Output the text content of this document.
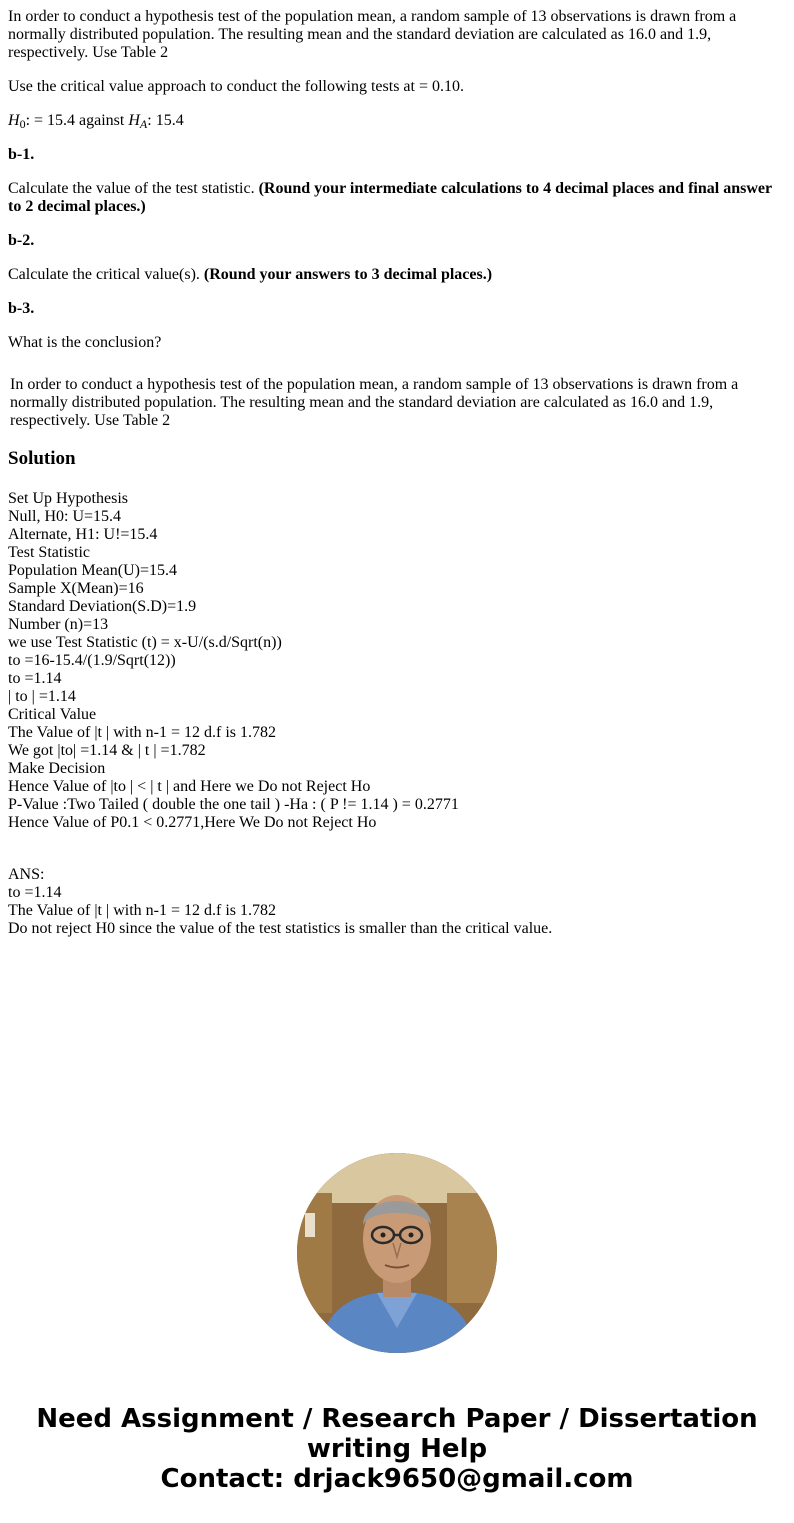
In order to conduct a hypothesis test of the population mean, a random sample of 13 observations is drawn from a normally distributed population. The resulting mean and the standard deviation are calculated as 16.0 and 1.9, respectively. Use Table 2

Use the critical value approach to conduct the following tests at = 0.10.

$H_0$: = 15.4 against $H_A$: 15.4

b-1.

Calculate the value of the test statistic. (Round your intermediate calculations to 4 decimal places and final answer to 2 decimal places.)

b-2.

Calculate the critical value(s). (Round your answers to 3 decimal places.)

b-3.

What is the conclusion?

In order to conduct a hypothesis test of the population mean, a random sample of 13 observations is drawn from a normally distributed population. The resulting mean and the standard deviation are calculated as 16.0 and 1.9, respectively. Use Table 2
Solution
Set Up Hypothesis
Null, H0: U=15.4
Alternate, H1: U!=15.4
Test Statistic
Population Mean(U)=15.4
Sample X(Mean)=16
Standard Deviation(S.D)=1.9
Number (n)=13
we use Test Statistic (t) = x-U/(s.d/Sqrt(n))
to =16-15.4/(1.9/Sqrt(12))
to =1.14
| to | =1.14
Critical Value
The Value of |t | with n-1 = 12 d.f is 1.782
We got |to| =1.14 & | t | =1.782
Make Decision
Hence Value of |to | < | t | and Here we Do not Reject Ho
P-Value :Two Tailed ( double the one tail ) -Ha : ( P != 1.14 ) = 0.2771
Hence Value of P0.1 < 0.2771,Here We Do not Reject Ho
ANS:
to =1.14
The Value of |t | with n-1 = 12 d.f is 1.782
Do not reject H0 since the value of the test statistics is smaller than the critical value.
Need Assignment / Research Paper / Dissertation
writing Help
Contact: drjack9650@gmail.com
